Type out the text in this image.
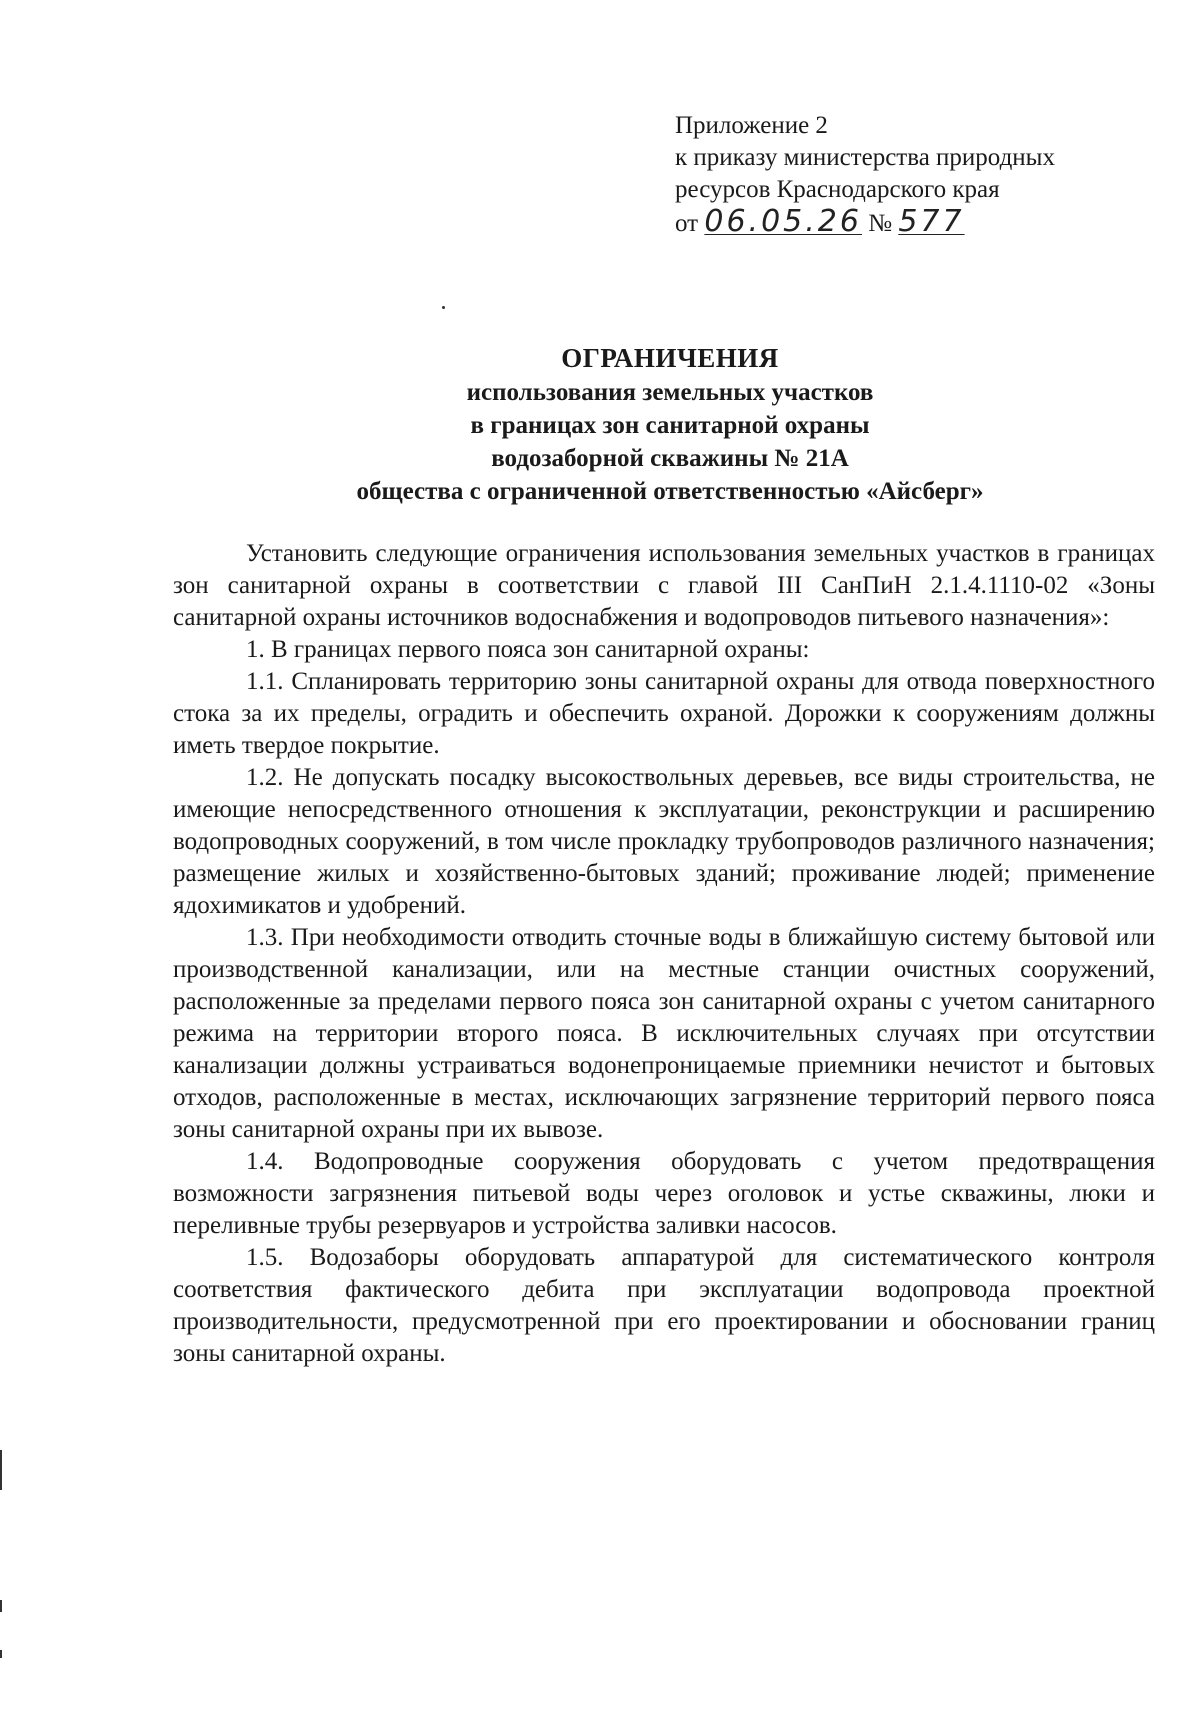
Приложение 2
к приказу министерства природных
ресурсов Краснодарского края
от 06.05.26 № 577
ОГРАНИЧЕНИЯ
использования земельных участков
в границах зон санитарной охраны
водозаборной скважины № 21А
общества с ограниченной ответственностью «Айсберг»

Установить следующие ограничения использования земельных участков в границах зон санитарной охраны в соответствии с главой III СанПиН 2.1.4.1110-02 «Зоны санитарной охраны источников водоснабжения и водопроводов питьевого назначения»:

1. В границах первого пояса зон санитарной охраны:

1.1. Спланировать территорию зоны санитарной охраны для отвода поверхностного стока за их пределы, оградить и обеспечить охраной. Дорожки к сооружениям должны иметь твердое покрытие.

1.2. Не допускать посадку высокоствольных деревьев, все виды строительства, не имеющие непосредственного отношения к эксплуатации, реконструкции и расширению водопроводных сооружений, в том числе прокладку трубопроводов различного назначения; размещение жилых и хозяйственно-бытовых зданий; проживание людей; применение ядохимикатов и удобрений.

1.3. При необходимости отводить сточные воды в ближайшую систему бытовой или производственной канализации, или на местные станции очистных сооружений, расположенные за пределами первого пояса зон санитарной охраны с учетом санитарного режима на территории второго пояса. В исключительных случаях при отсутствии канализации должны устраиваться водонепроницаемые приемники нечистот и бытовых отходов, расположенные в местах, исключающих загрязнение территорий первого пояса зоны санитарной охраны при их вывозе.

1.4. Водопроводные сооружения оборудовать с учетом предотвращения возможности загрязнения питьевой воды через оголовок и устье скважины, люки и переливные трубы резервуаров и устройства заливки насосов.

1.5. Водозаборы оборудовать аппаратурой для систематического контроля соответствия фактического дебита при эксплуатации водопровода проектной производительности, предусмотренной при его проектировании и обосновании границ зоны санитарной охраны.
